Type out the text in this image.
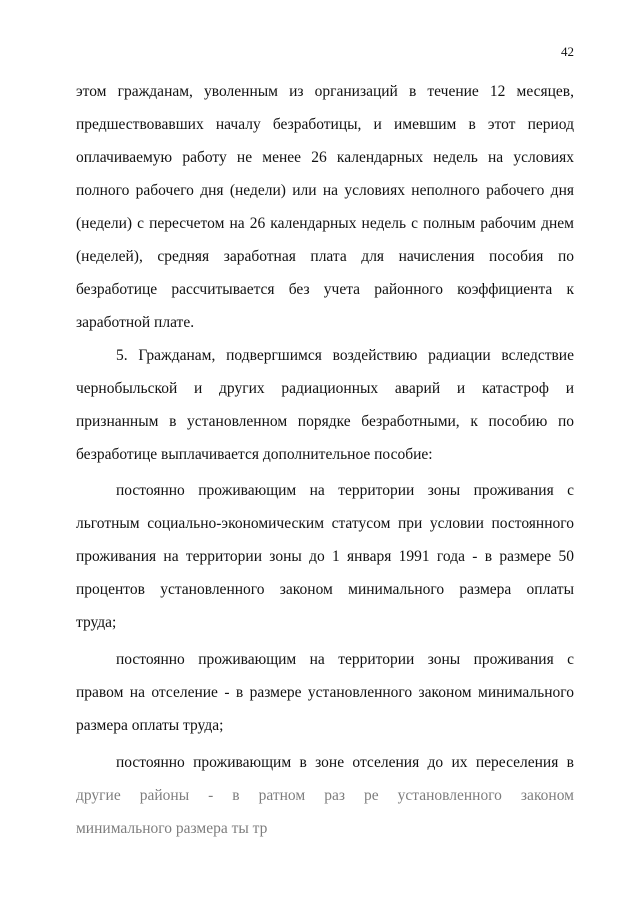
42
этом гражданам, уволенным из организаций в течение 12 месяцев,
предшествовавших началу безработицы, и имевшим в этот период
оплачиваемую работу не менее 26 календарных недель на условиях
полного рабочего дня (недели) или на условиях неполного рабочего дня
(недели) с пересчетом на 26 календарных недель с полным рабочим днем
(неделей), средняя заработная плата для начисления пособия по
безработице рассчитывается без учета районного коэффициента к
заработной плате.
5. Гражданам, подвергшимся воздействию радиации вследствие
чернобыльской и других радиационных аварий и катастроф и
признанным в установленном порядке безработными, к пособию по
безработице выплачивается дополнительное пособие:
постоянно проживающим на территории зоны проживания с
льготным социально-экономическим статусом при условии постоянного
проживания на территории зоны до 1 января 1991 года - в размере 50
процентов установленного законом минимального размера оплаты
труда;
постоянно проживающим на территории зоны проживания с
правом на отселение - в размере установленного законом минимального
размера оплаты труда;
постоянно проживающим в зоне отселения до их переселения в
другие районы - в ратном раз ре установленного законом
минимального размера ты тр
